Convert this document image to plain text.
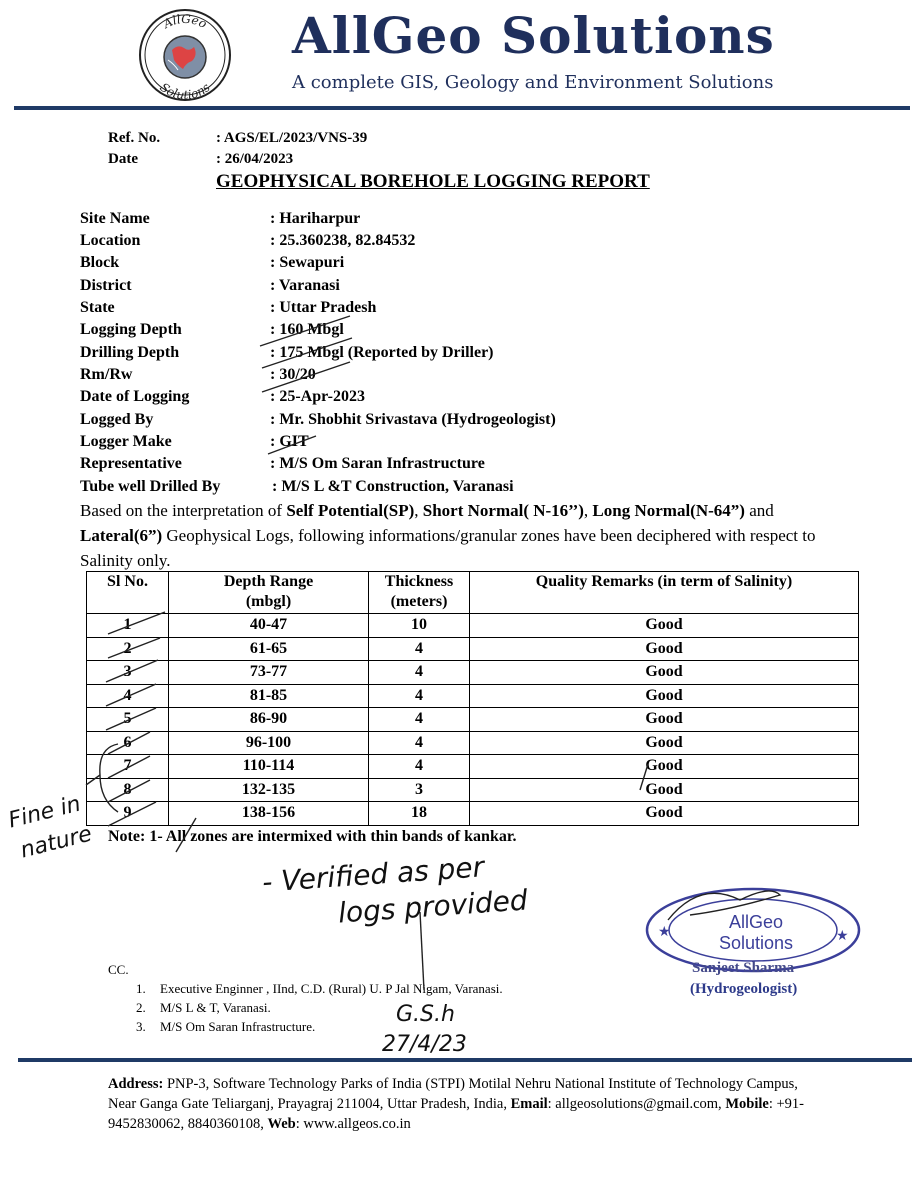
AllGeo
Solutions
AllGeo Solutions
A complete GIS, Geology and Environment Solutions
Ref. No.	: AGS/EL/2023/VNS-39
Date	: 26/04/2023
GEOPHYSICAL BOREHOLE LOGGING REPORT
Site Name	: Hariharpur
Location	: 25.360238, 82.84532
Block	: Sewapuri
District	: Varanasi
State	: Uttar Pradesh
Logging Depth	: 160 Mbgl
Drilling Depth	: 175 Mbgl (Reported by Driller)
Rm/Rw	: 30/20
Date of Logging	: 25-Apr-2023
Logged By	: Mr. Shobhit Srivastava (Hydrogeologist)
Logger Make	: GIT
Representative	: M/S Om Saran Infrastructure
Tube well Drilled By	: M/S L &T Construction, Varanasi
Based on the interpretation of Self Potential(SP), Short Normal( N-16’’), Long Normal(N-64”) and Lateral(6”) Geophysical Logs, following informations/granular zones have been deciphered with respect to Salinity only.
Sl No.	Depth Range (mbgl)	Thickness (meters)	Quality Remarks (in term of Salinity)
1	40-47	10	Good
2	61-65	4	Good
3	73-77	4	Good
4	81-85	4	Good
5	86-90	4	Good
6	96-100	4	Good
7	110-114	4	Good
8	132-135	3	Good
9	138-156	18	Good
Note: 1- All zones are intermixed with thin bands of kankar.
Fine in
nature
- Verified as per
logs provided
G.S.h
27/4/23
★	★
AllGeo
Solutions
Sanjeet Sharma
(Hydrogeologist)
CC.
1. Executive Enginner , IInd, C.D. (Rural) U. P Jal Nigam, Varanasi.
2. M/S L & T, Varanasi.
3. M/S Om Saran Infrastructure.
Address: PNP-3, Software Technology Parks of India (STPI) Motilal Nehru National Institute of Technology Campus, Near Ganga Gate Teliarganj, Prayagraj 211004, Uttar Pradesh, India, Email: allgeosolutions@gmail.com, Mobile: +91-9452830062, 8840360108, Web: www.allgeos.co.in
